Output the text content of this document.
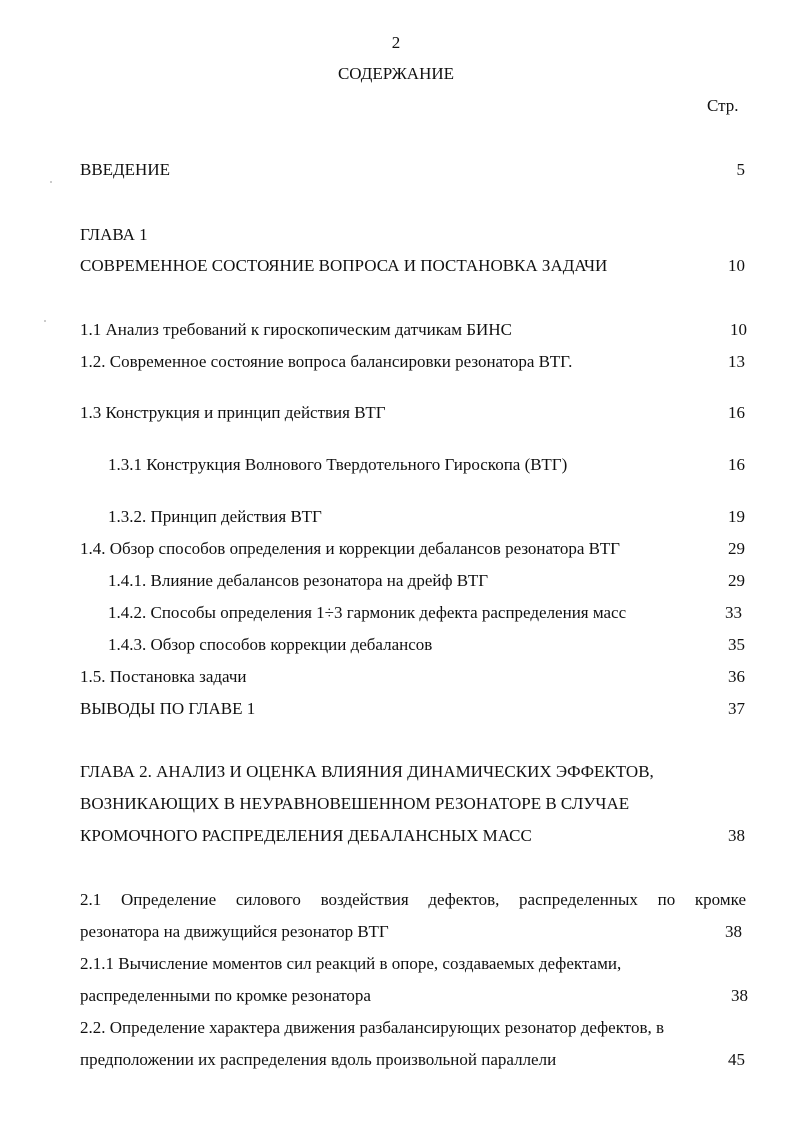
2
СОДЕРЖАНИЕ
Стр.
ВВЕДЕНИЕ	5
ГЛАВА 1
СОВРЕМЕННОЕ СОСТОЯНИЕ ВОПРОСА И ПОСТАНОВКА ЗАДАЧИ	10
1.1 Анализ требований к гироскопическим датчикам БИНС	10
1.2. Современное состояние вопроса балансировки резонатора ВТГ.	13
1.3 Конструкция и принцип действия ВТГ	16
1.3.1 Конструкция Волнового Твердотельного Гироскопа (ВТГ)	16
1.3.2. Принцип действия ВТГ	19
1.4. Обзор способов определения и коррекции дебалансов резонатора ВТГ	29
1.4.1. Влияние дебалансов резонатора на дрейф ВТГ	29
1.4.2. Способы определения 1÷3 гармоник дефекта распределения масс	33
1.4.3. Обзор способов коррекции дебалансов	35
1.5. Постановка задачи	36
ВЫВОДЫ ПО ГЛАВЕ 1	37
ГЛАВА 2. АНАЛИЗ И ОЦЕНКА ВЛИЯНИЯ ДИНАМИЧЕСКИХ ЭФФЕКТОВ,
ВОЗНИКАЮЩИХ В НЕУРАВНОВЕШЕННОМ РЕЗОНАТОРЕ В СЛУЧАЕ
КРОМОЧНОГО РАСПРЕДЕЛЕНИЯ ДЕБАЛАНСНЫХ МАСС	38
2.1 Определение силового воздействия дефектов, распределенных по кромке
резонатора на движущийся резонатор ВТГ	38
2.1.1 Вычисление моментов сил реакций в опоре, создаваемых дефектами,
распределенными по кромке резонатора	38
2.2. Определение характера движения разбалансирующих резонатор дефектов, в
предположении их распределения вдоль произвольной параллели	45
